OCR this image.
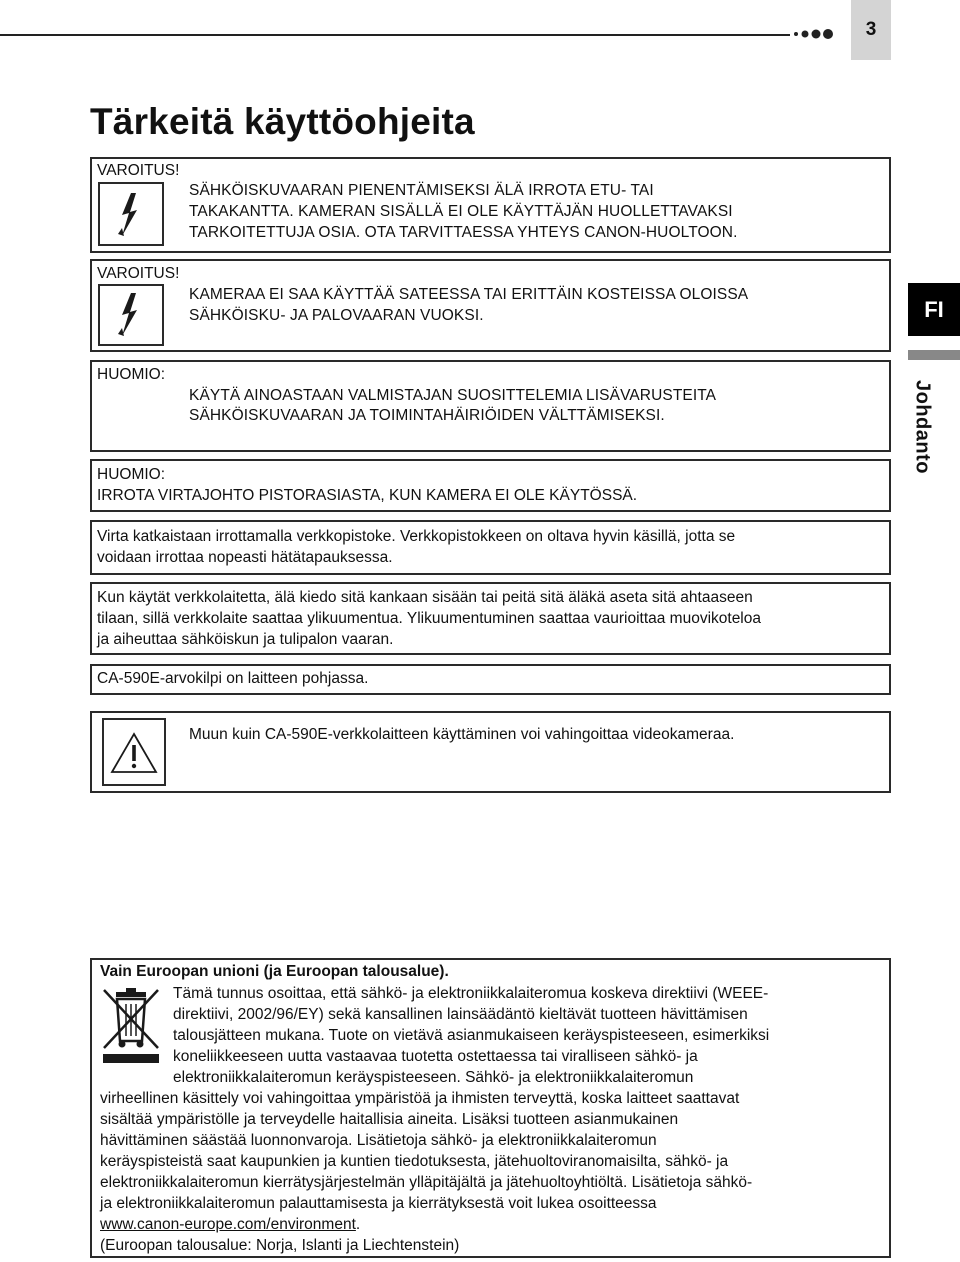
3
Tärkeitä käyttöohjeita
FI
Johdanto
VAROITUS!
SÄHKÖISKUVAARAN PIENENTÄMISEKSI ÄLÄ IRROTA ETU- TAI
TAKAKANTTA. KAMERAN SISÄLLÄ EI OLE KÄYTTÄJÄN HUOLLETTAVAKSI
TARKOITETTUJA OSIA. OTA TARVITTAESSA YHTEYS CANON-HUOLTOON.
VAROITUS!
KAMERAA EI SAA KÄYTTÄÄ SATEESSA TAI ERITTÄIN KOSTEISSA OLOISSA
SÄHKÖISKU- JA PALOVAARAN VUOKSI.
HUOMIO:
KÄYTÄ AINOASTAAN VALMISTAJAN SUOSITTELEMIA LISÄVARUSTEITA
SÄHKÖISKUVAARAN JA TOIMINTAHÄIRIÖIDEN VÄLTTÄMISEKSI.
HUOMIO:
IRROTA VIRTAJOHTO PISTORASIASTA, KUN KAMERA EI OLE KÄYTÖSSÄ.
Virta katkaistaan irrottamalla verkkopistoke. Verkkopistokkeen on oltava hyvin käsillä, jotta se
voidaan irrottaa nopeasti hätätapauksessa.
Kun käytät verkkolaitetta, älä kiedo sitä kankaan sisään tai peitä sitä äläkä aseta sitä ahtaaseen
tilaan, sillä verkkolaite saattaa ylikuumentua. Ylikuumentuminen saattaa vaurioittaa muovikoteloa
ja aiheuttaa sähköiskun ja tulipalon vaaran.
CA-590E-arvokilpi on laitteen pohjassa.
Muun kuin CA-590E-verkkolaitteen käyttäminen voi vahingoittaa videokameraa.
Vain Euroopan unioni (ja Euroopan talousalue).
Tämä tunnus osoittaa, että sähkö- ja elektroniikkalaiteromua koskeva direktiivi (WEEE-
direktiivi, 2002/96/EY) sekä kansallinen lainsäädäntö kieltävät tuotteen hävittämisen
talousjätteen mukana. Tuote on vietävä asianmukaiseen keräyspisteeseen, esimerkiksi
koneliikkeeseen uutta vastaavaa tuotetta ostettaessa tai viralliseen sähkö- ja
elektroniikkalaiteromun keräyspisteeseen. Sähkö- ja elektroniikkalaiteromun
virheellinen käsittely voi vahingoittaa ympäristöä ja ihmisten terveyttä, koska laitteet saattavat
sisältää ympäristölle ja terveydelle haitallisia aineita. Lisäksi tuotteen asianmukainen
hävittäminen säästää luonnonvaroja. Lisätietoja sähkö- ja elektroniikkalaiteromun
keräyspisteistä saat kaupunkien ja kuntien tiedotuksesta, jätehuoltoviranomaisilta, sähkö- ja
elektroniikkalaiteromun kierrätysjärjestelmän ylläpitäjältä ja jätehuoltoyhtiöltä. Lisätietoja sähkö-
ja elektroniikkalaiteromun palauttamisesta ja kierrätyksestä voit lukea osoitteessa
www.canon-europe.com/environment.
(Euroopan talousalue: Norja, Islanti ja Liechtenstein)
